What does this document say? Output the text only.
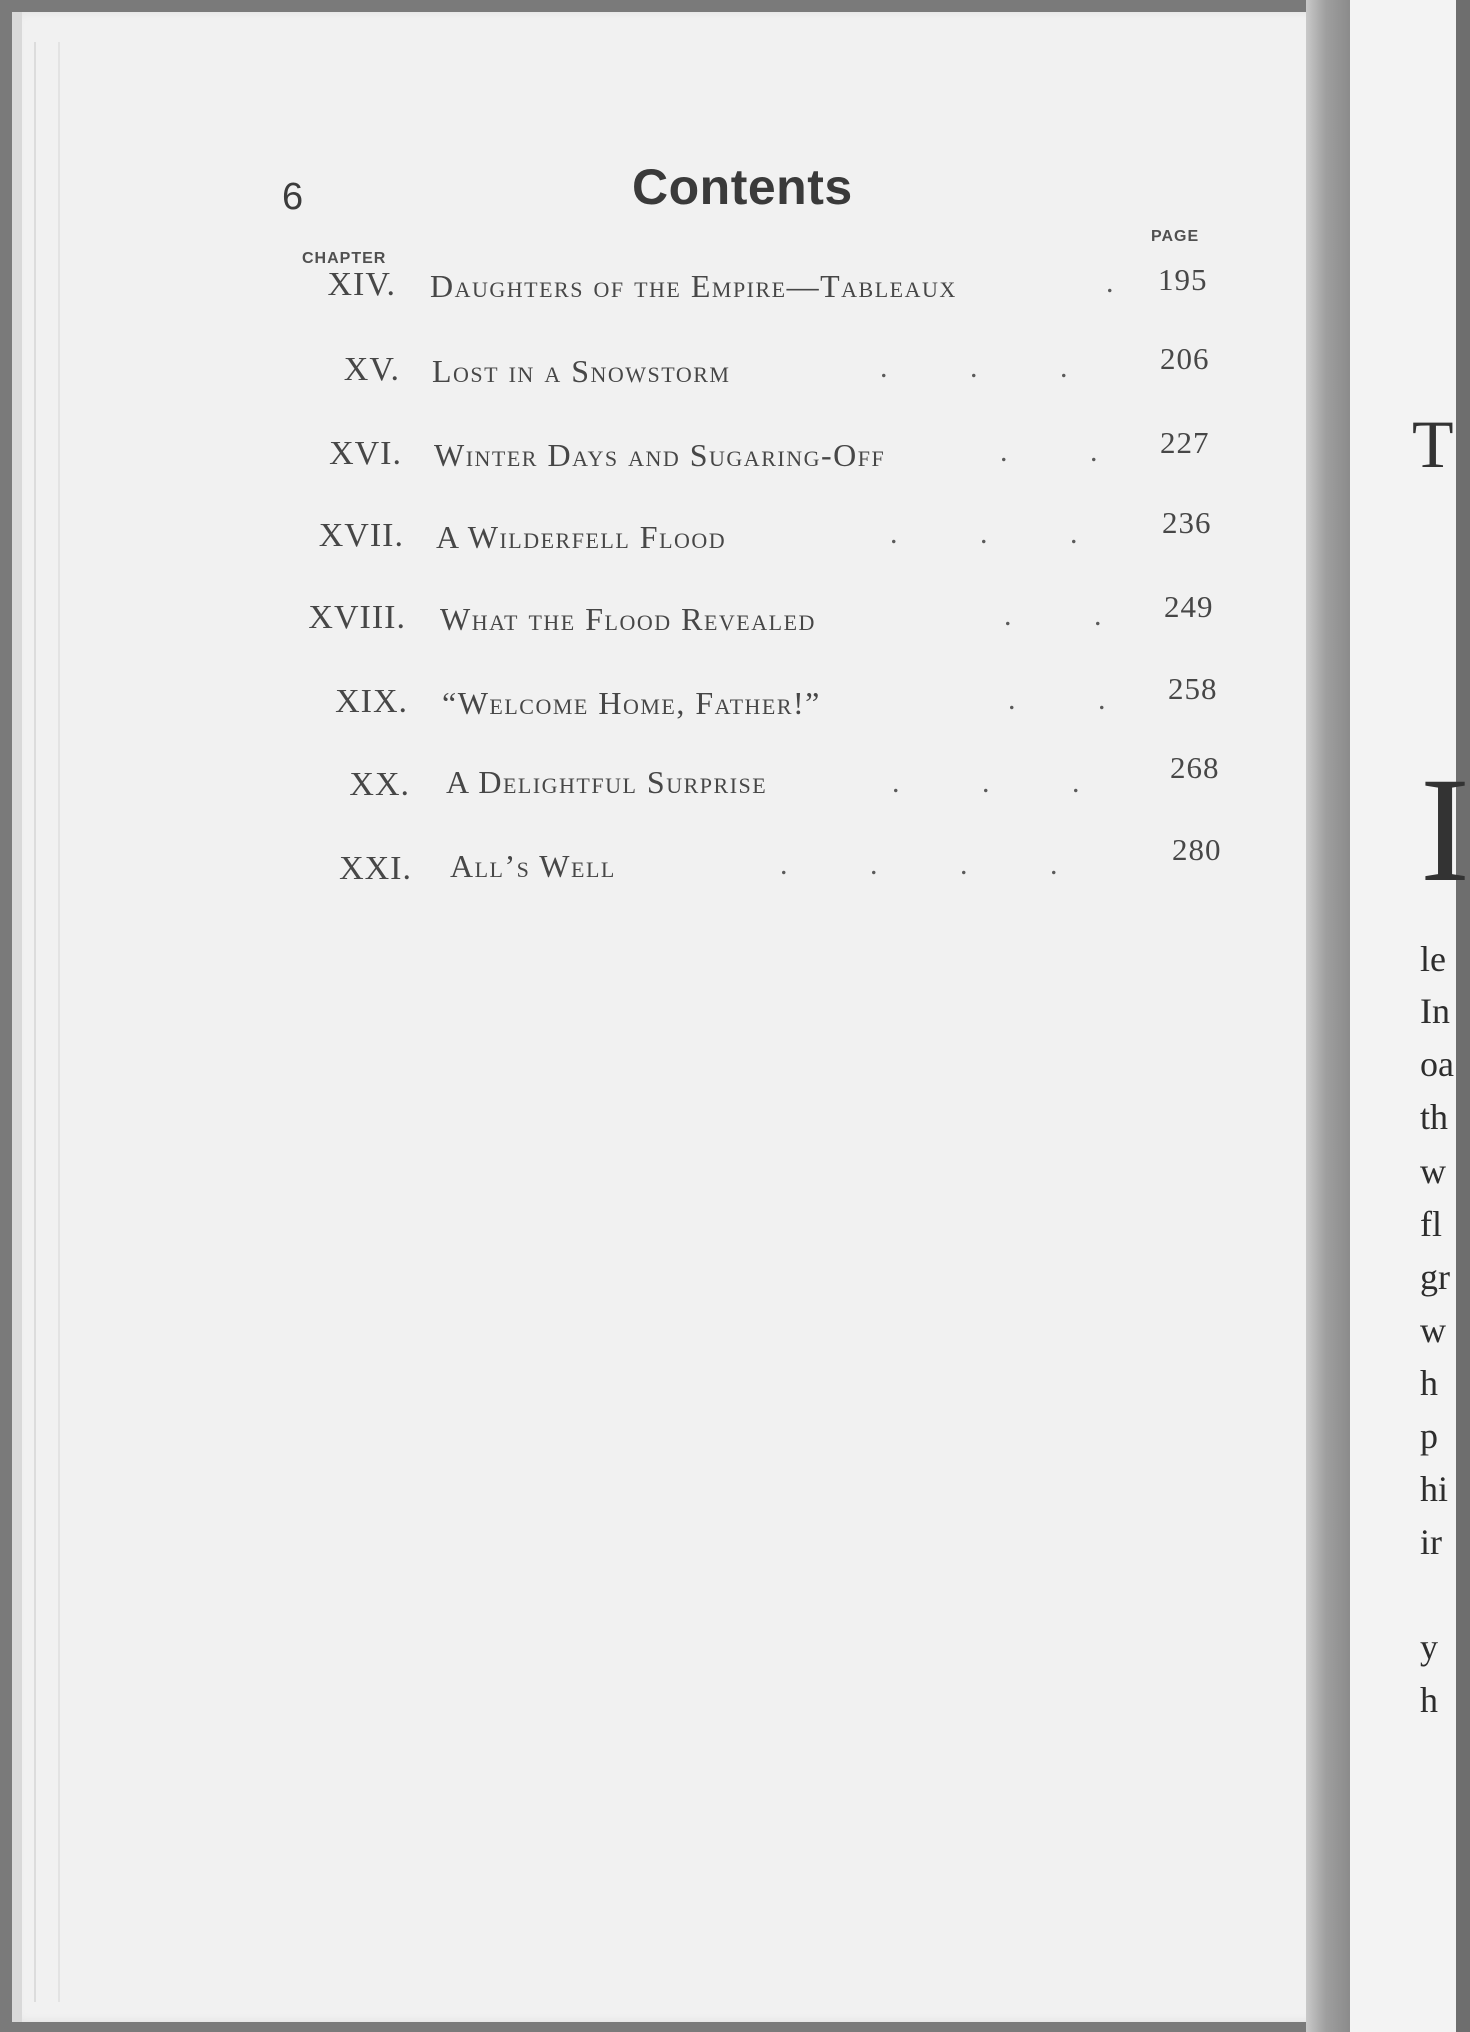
6	Contents
CHAPTER
PAGE
XIV. Daughters of the Empire—Tableaux	. 195
XV. Lost in a Snowstorm	.           .           .	206
XVI. Winter Days and Sugaring-Off	.           . 227
XVII. A Wilderfell Flood	.           .           .	236
XVIII. What the Flood Revealed	.           . 249
XIX. “Welcome Home, Father!”	.           . 258
XX. A Delightful Surprise	.           .           .	268
XXI. All’s Well	.           .           .           .	280
T
I
le
In
oa
th
w
fl
gr
w
h
p
hi
ir
y
h
